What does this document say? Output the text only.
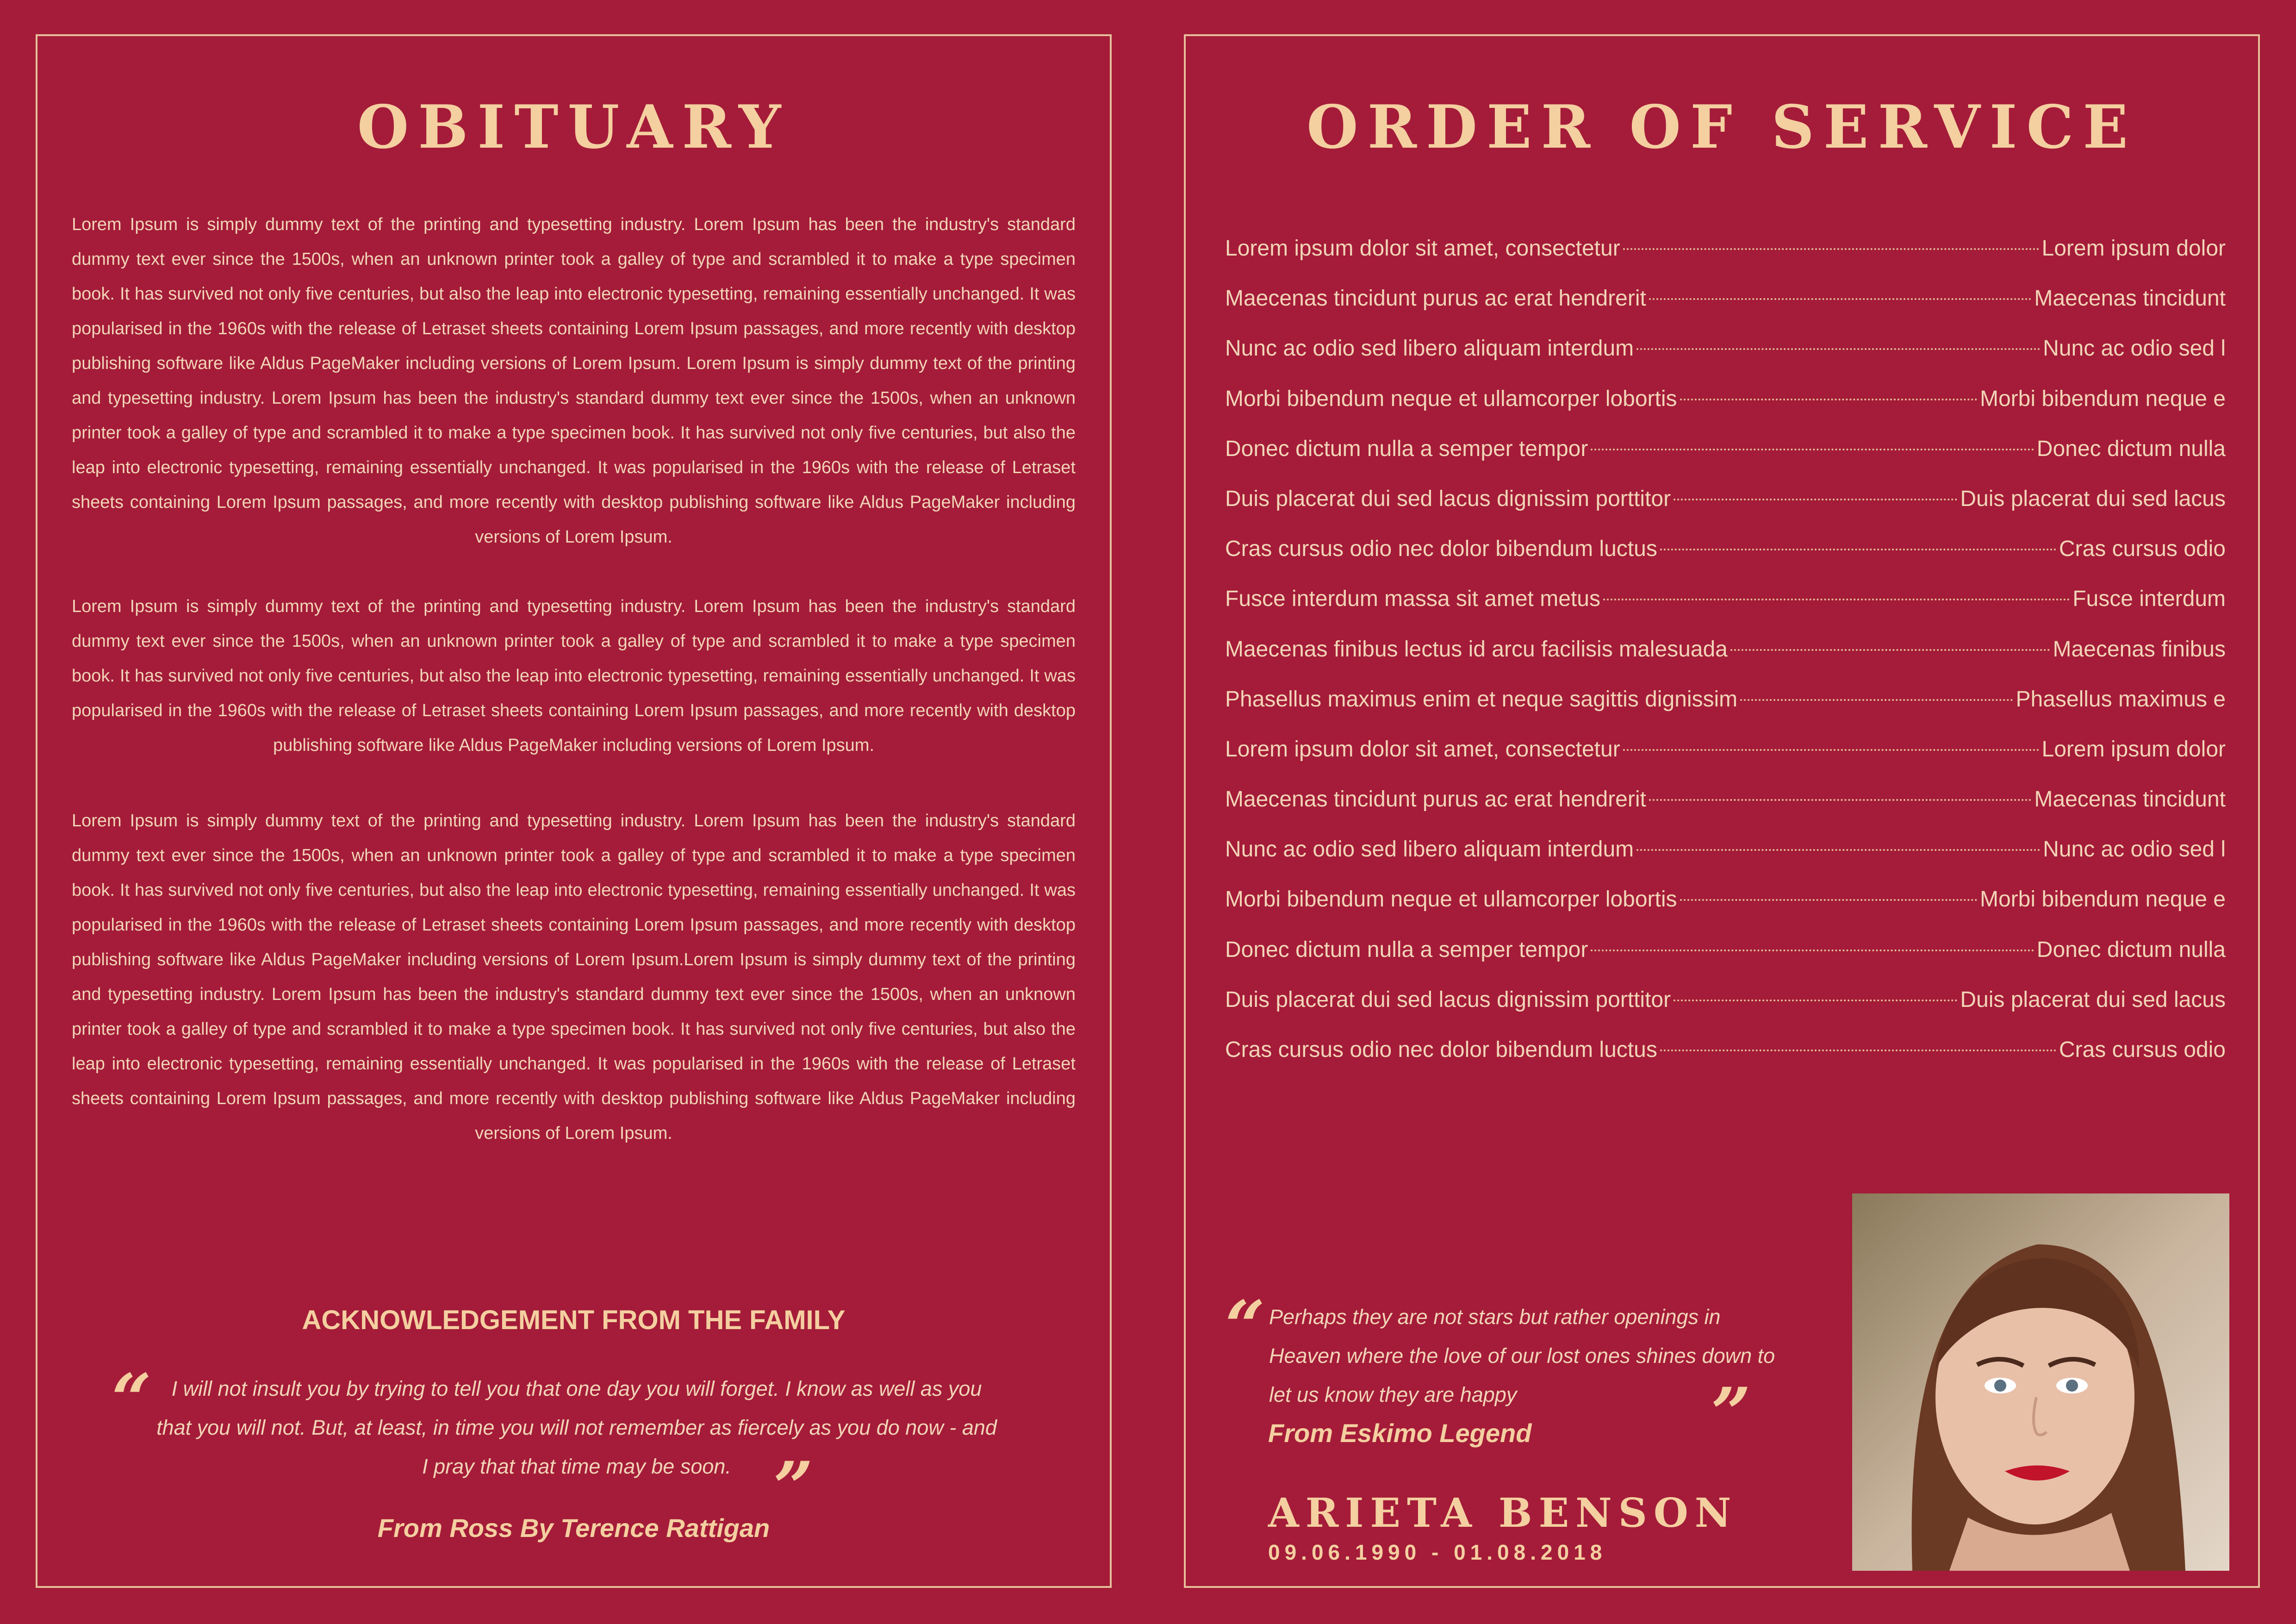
OBITUARY

Lorem Ipsum is simply dummy text of the printing and typesetting industry. Lorem Ipsum has been the industry's standard dummy text ever since the 1500s, when an unknown printer took a galley of type and scrambled it to make a type specimen book. It has survived not only five centuries, but also the leap into electronic typesetting, remaining essentially unchanged. It was popularised in the 1960s with the release of Letraset sheets containing Lorem Ipsum passages, and more recently with desktop publishing software like Aldus PageMaker including versions of Lorem Ipsum. Lorem Ipsum is simply dummy text of the printing and typesetting industry. Lorem Ipsum has been the industry's standard dummy text ever since the 1500s, when an unknown printer took a galley of type and scrambled it to make a type specimen book. It has survived not only five centuries, but also the leap into electronic typesetting, remaining essentially unchanged. It was popularised in the 1960s with the release of Letraset sheets containing Lorem Ipsum passages, and more recently with desktop publishing software like Aldus PageMaker including versions of Lorem Ipsum.

Lorem Ipsum is simply dummy text of the printing and typesetting industry. Lorem Ipsum has been the industry's standard dummy text ever since the 1500s, when an unknown printer took a galley of type and scrambled it to make a type specimen book. It has survived not only five centuries, but also the leap into electronic typesetting, remaining essentially unchanged. It was popularised in the 1960s with the release of Letraset sheets containing Lorem Ipsum passages, and more recently with desktop publishing software like Aldus PageMaker including versions of Lorem Ipsum.

Lorem Ipsum is simply dummy text of the printing and typesetting industry. Lorem Ipsum has been the industry's standard dummy text ever since the 1500s, when an unknown printer took a galley of type and scrambled it to make a type specimen book. It has survived not only five centuries, but also the leap into electronic typesetting, remaining essentially unchanged. It was popularised in the 1960s with the release of Letraset sheets containing Lorem Ipsum passages, and more recently with desktop publishing software like Aldus PageMaker including versions of Lorem Ipsum.Lorem Ipsum is simply dummy text of the printing and typesetting industry. Lorem Ipsum has been the industry's standard dummy text ever since the 1500s, when an unknown printer took a galley of type and scrambled it to make a type specimen book. It has survived not only five centuries, but also the leap into electronic typesetting, remaining essentially unchanged. It was popularised in the 1960s with the release of Letraset sheets containing Lorem Ipsum passages, and more recently with desktop publishing software like Aldus PageMaker including versions of Lorem Ipsum.

ACKNOWLEDGEMENT FROM THE FAMILY
“ I will not insult you by trying to tell you that one day you will forget. I know as well as you that you will not. But, at least, in time you will not remember as fiercely as you do now - and I pray that that time may be soon. ”

From Ross By Terence Rattigan

ORDER OF SERVICE
Lorem ipsum dolor sit amet, consectetur	Lorem ipsum dolor
Maecenas tincidunt purus ac erat hendrerit	Maecenas tincidunt
Nunc ac odio sed libero aliquam interdum	Nunc ac odio sed l
Morbi bibendum neque et ullamcorper lobortis	Morbi bibendum neque e
Donec dictum nulla a semper tempor	Donec dictum nulla
Duis placerat dui sed lacus dignissim porttitor	Duis placerat dui sed lacus
Cras cursus odio nec dolor bibendum luctus	Cras cursus odio
Fusce interdum massa sit amet metus	Fusce interdum
Maecenas finibus lectus id arcu facilisis malesuada	Maecenas finibus
Phasellus maximus enim et neque sagittis dignissim	Phasellus maximus e
Lorem ipsum dolor sit amet, consectetur	Lorem ipsum dolor
Maecenas tincidunt purus ac erat hendrerit	Maecenas tincidunt
Nunc ac odio sed libero aliquam interdum	Nunc ac odio sed l
Morbi bibendum neque et ullamcorper lobortis	Morbi bibendum neque e
Donec dictum nulla a semper tempor	Donec dictum nulla
Duis placerat dui sed lacus dignissim porttitor	Duis placerat dui sed lacus
Cras cursus odio nec dolor bibendum luctus	Cras cursus odio
“ Perhaps they are not stars but rather openings in Heaven where the love of our lost ones shines down to let us know they are happy	”

From Eskimo Legend

ARIETA BENSON

09.06.1990 - 01.08.2018
